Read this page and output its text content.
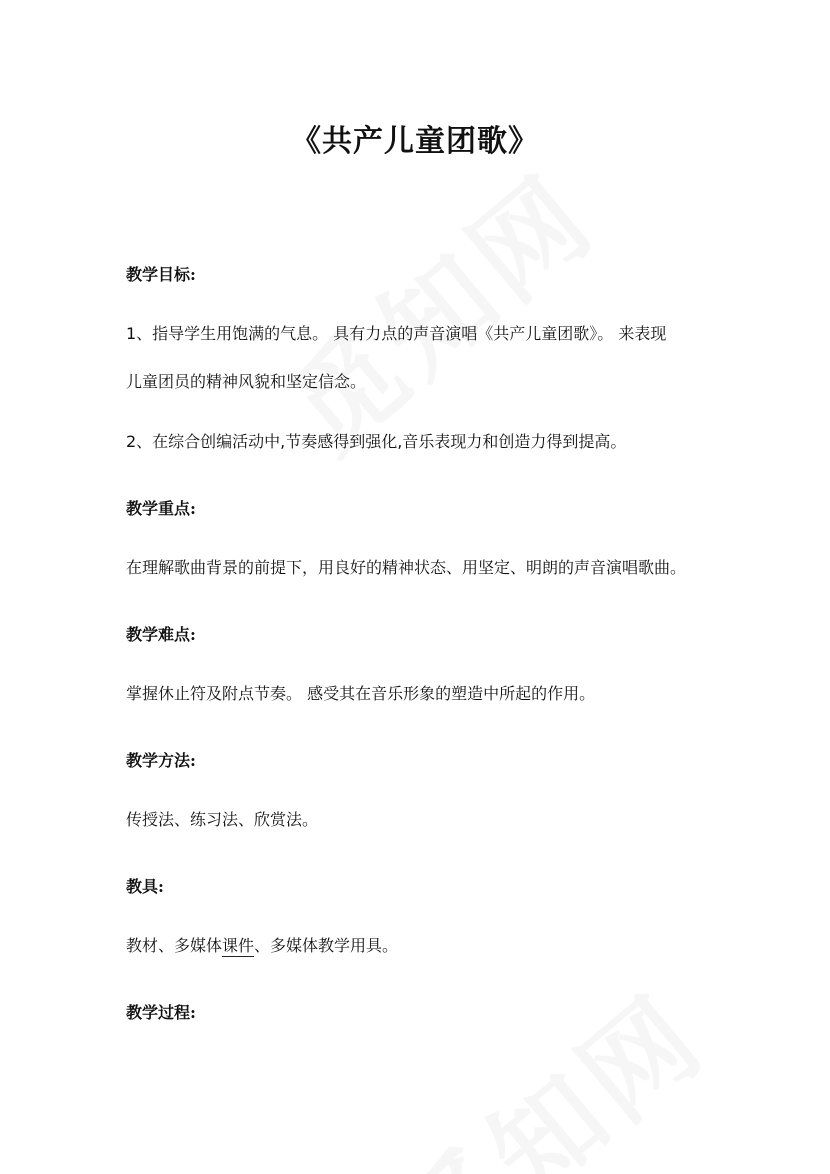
《共产儿童团歌》
教学目标:
1、指导学生用饱满的气息。 具有力点的声音演唱《共产儿童团歌》。 来表现
儿童团员的精神风貌和坚定信念。
2、在综合创编活动中,节奏感得到强化,音乐表现力和创造力得到提高。
教学重点:
在理解歌曲背景的前提下，用良好的精神状态、用坚定、明朗的声音演唱歌曲。
教学难点:
掌握休止符及附点节奏。 感受其在音乐形象的塑造中所起的作用。
教学方法:
传授法、练习法、欣赏法。
教具:
教材、多媒体课件、多媒体教学用具。
教学过程:
